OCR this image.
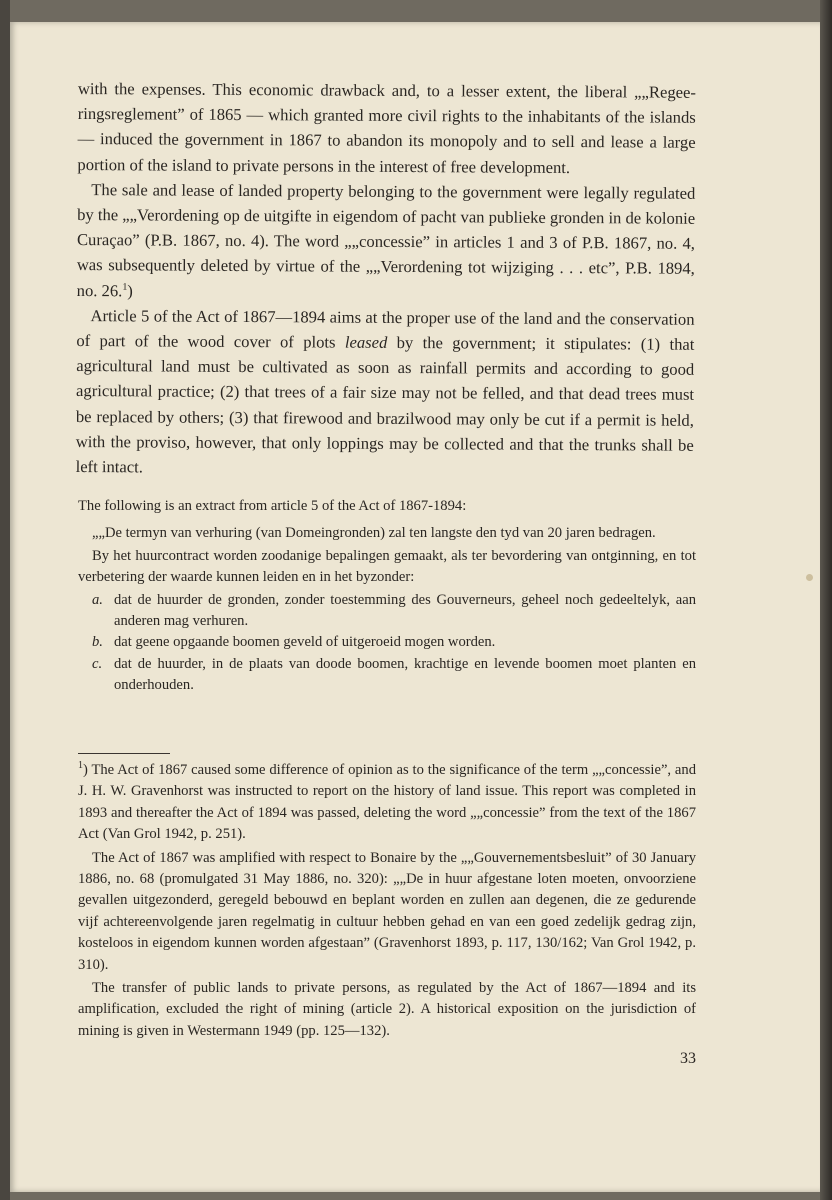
with the expenses. This economic drawback and, to a lesser extent, the liberal „„Regeeringsreglement” of 1865 — which granted more civil rights to the inhabitants of the islands — induced the government in 1867 to abandon its monopoly and to sell and lease a large portion of the island to private persons in the interest of free development.

The sale and lease of landed property belonging to the government were legally regulated by the „„Verordening op de uitgifte in eigendom of pacht van publieke gronden in de kolonie Curaçao” (P.B. 1867, no. 4). The word „„concessie” in articles 1 and 3 of P.B. 1867, no. 4, was subsequently deleted by virtue of the „„Verordening tot wijziging . . . etc”, P.B. 1894, no. 26.$^1$)

Article 5 of the Act of 1867—1894 aims at the proper use of the land and the conservation of part of the wood cover of plots leased by the government; it stipulates: (1) that agricultural land must be cultivated as soon as rainfall permits and according to good agricultural practice; (2) that trees of a fair size may not be felled, and that dead trees must be replaced by others; (3) that firewood and brazilwood may only be cut if a permit is held, with the proviso, however, that only loppings may be collected and that the trunks shall be left intact.

The following is an extract from article 5 of the Act of 1867-1894:

„„De termyn van verhuring (van Domeingronden) zal ten langste den tyd van 20 jaren bedragen.

By het huurcontract worden zoodanige bepalingen gemaakt, als ter bevordering van ontginning, en tot verbetering der waarde kunnen leiden en in het byzonder:

a. dat de huurder de gronden, zonder toestemming des Gouverneurs, geheel noch gedeeltelyk, aan anderen mag verhuren.
b. dat geene opgaande boomen geveld of uitgeroeid mogen worden.
c. dat de huurder, in de plaats van doode boomen, krachtige en levende boomen moet planten en onderhouden.

$^1$) The Act of 1867 caused some difference of opinion as to the significance of the term „„concessie”, and J. H. W. Gravenhorst was instructed to report on the history of land issue. This report was completed in 1893 and thereafter the Act of 1894 was passed, deleting the word „„concessie” from the text of the 1867 Act (Van Grol 1942, p. 251).

The Act of 1867 was amplified with respect to Bonaire by the „„Gouvernementsbesluit” of 30 January 1886, no. 68 (promulgated 31 May 1886, no. 320): „„De in huur afgestane loten moeten, onvoorziene gevallen uitgezonderd, geregeld bebouwd en beplant worden en zullen aan degenen, die ze gedurende vijf achtereenvolgende jaren regelmatig in cultuur hebben gehad en van een goed zedelijk gedrag zijn, kosteloos in eigendom kunnen worden afgestaan” (Gravenhorst 1893, p. 117, 130/162; Van Grol 1942, p. 310).

The transfer of public lands to private persons, as regulated by the Act of 1867—1894 and its amplification, excluded the right of mining (article 2). A historical exposition on the jurisdiction of mining is given in Westermann 1949 (pp. 125—132).

33
